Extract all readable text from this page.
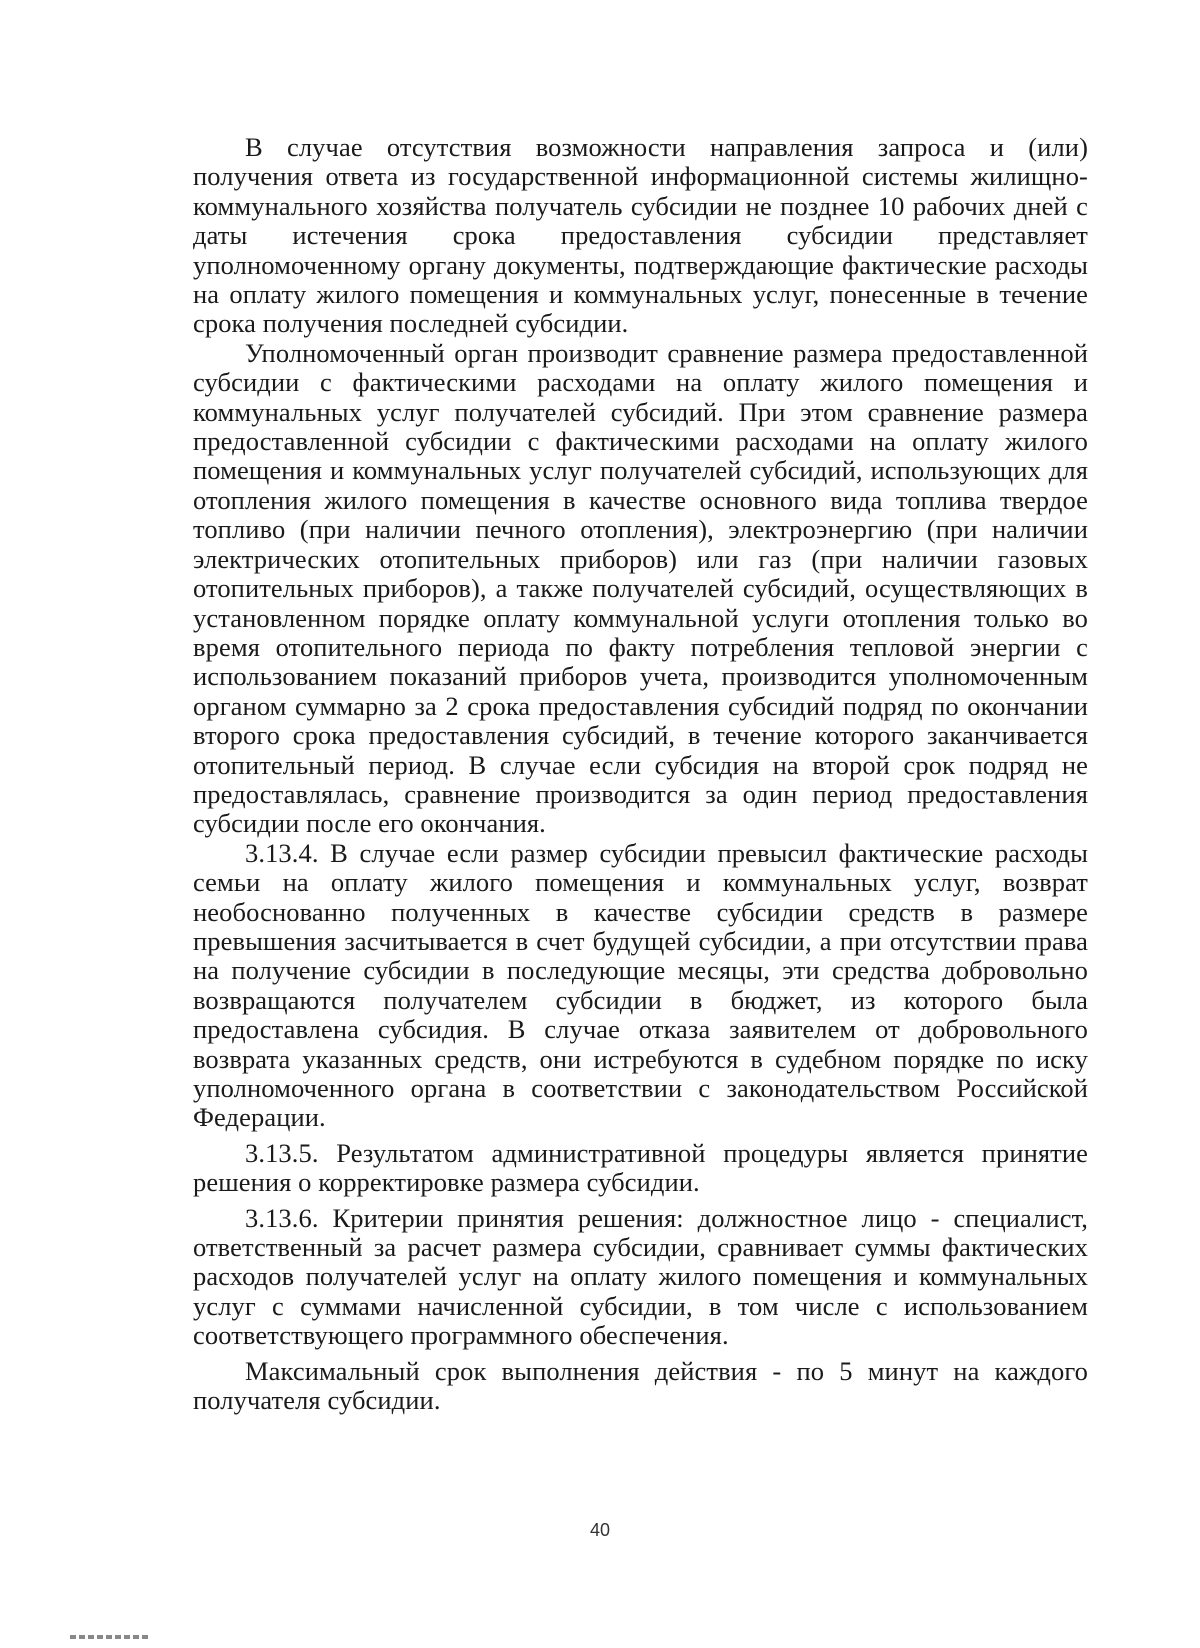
В случае отсутствия возможности направления запроса и (или) получения ответа из государственной информационной системы жилищно-коммунального хозяйства получатель субсидии не позднее 10 рабочих дней с даты истечения срока предоставления субсидии представляет уполномоченному органу документы, подтверждающие фактические расходы на оплату жилого помещения и коммунальных услуг, понесенные в течение срока получения последней субсидии.

Уполномоченный орган производит сравнение размера предоставленной субсидии с фактическими расходами на оплату жилого помещения и коммунальных услуг получателей субсидий. При этом сравнение размера предоставленной субсидии с фактическими расходами на оплату жилого помещения и коммунальных услуг получателей субсидий, использующих для отопления жилого помещения в качестве основного вида топлива твердое топливо (при наличии печного отопления), электроэнергию (при наличии электрических отопительных приборов) или газ (при наличии газовых отопительных приборов), а также получателей субсидий, осуществляющих в установленном порядке оплату коммунальной услуги отопления только во время отопительного периода по факту потребления тепловой энергии с использованием показаний приборов учета, производится уполномоченным органом суммарно за 2 срока предоставления субсидий подряд по окончании второго срока предоставления субсидий, в течение которого заканчивается отопительный период. В случае если субсидия на второй срок подряд не предоставлялась, сравнение производится за один период предоставления субсидии после его окончания.

3.13.4. В случае если размер субсидии превысил фактические расходы семьи на оплату жилого помещения и коммунальных услуг, возврат необоснованно полученных в качестве субсидии средств в размере превышения засчитывается в счет будущей субсидии, а при отсутствии права на получение субсидии в последующие месяцы, эти средства добровольно возвращаются получателем субсидии в бюджет, из которого была предоставлена субсидия. В случае отказа заявителем от добровольного возврата указанных средств, они истребуются в судебном порядке по иску уполномоченного органа в соответствии с законодательством Российской Федерации.

3.13.5. Результатом административной процедуры является принятие решения о корректировке размера субсидии.

3.13.6. Критерии принятия решения: должностное лицо - специалист, ответственный за расчет размера субсидии, сравнивает суммы фактических расходов получателей услуг на оплату жилого помещения и коммунальных услуг с суммами начисленной субсидии, в том числе с использованием соответствующего программного обеспечения.

Максимальный срок выполнения действия - по 5 минут на каждого получателя субсидии.

40
